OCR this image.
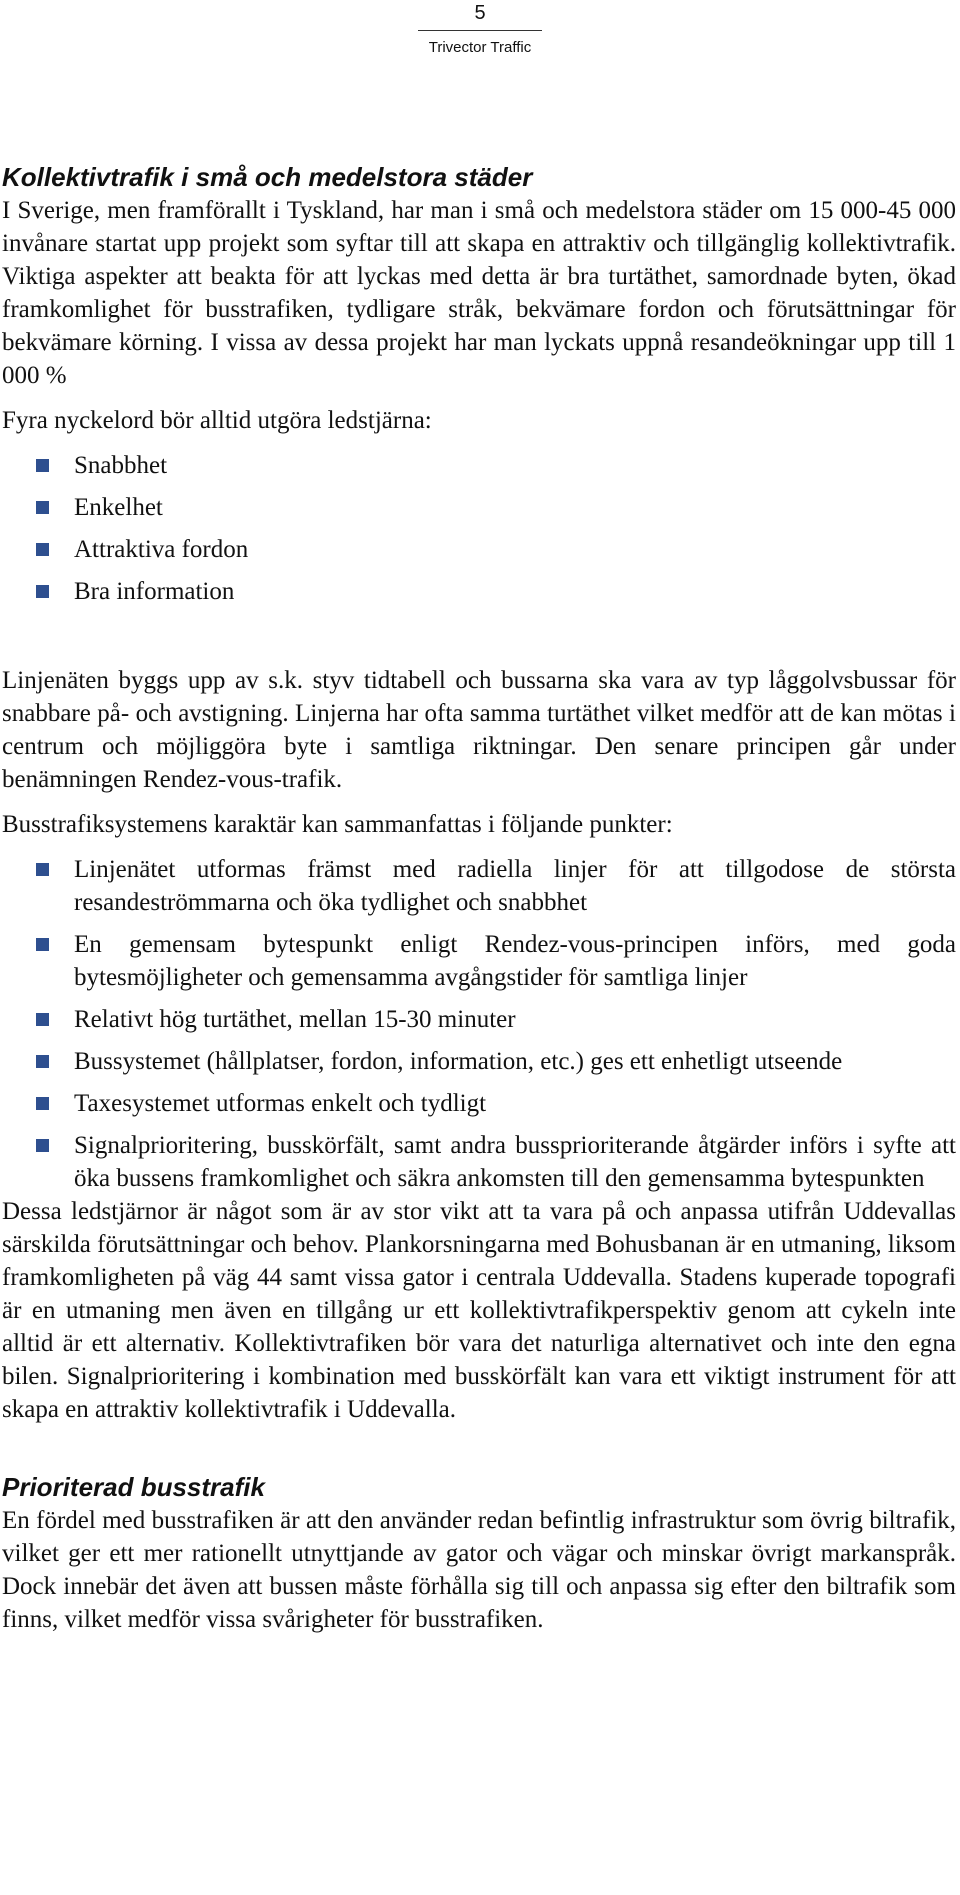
5
Trivector Traffic
Kollektivtrafik i små och medelstora städer

I Sverige, men framförallt i Tyskland, har man i små och medelstora städer om 15 000-45 000 invånare startat upp projekt som syftar till att skapa en attraktiv och tillgänglig kollektivtrafik. Viktiga aspekter att beakta för att lyckas med detta är bra turtäthet, samordnade byten, ökad framkomlighet för busstrafiken, tydligare stråk, bekvämare fordon och förutsättningar för bekvämare körning. I vissa av dessa projekt har man lyckats uppnå resandeökningar upp till 1 000 %

Fyra nyckelord bör alltid utgöra ledstjärna:

Snabbhet
Enkelhet
Attraktiva fordon
Bra information

Linjenäten byggs upp av s.k. styv tidtabell och bussarna ska vara av typ låggolvsbussar för snabbare på- och avstigning. Linjerna har ofta samma turtäthet vilket medför att de kan mötas i centrum och möjliggöra byte i samtliga riktningar. Den senare principen går under benämningen Rendez-vous-trafik.

Busstrafiksystemens karaktär kan sammanfattas i följande punkter:

Linjenätet utformas främst med radiella linjer för att tillgodose de största resandeströmmarna och öka tydlighet och snabbhet
En gemensam bytespunkt enligt Rendez-vous-principen införs, med goda bytesmöjligheter och gemensamma avgångstider för samtliga linjer
Relativt hög turtäthet, mellan 15-30 minuter
Bussystemet (hållplatser, fordon, information, etc.) ges ett enhetligt utseende
Taxesystemet utformas enkelt och tydligt
Signalprioritering, busskörfält, samt andra bussprioriterande åtgärder införs i syfte att öka bussens framkomlighet och säkra ankomsten till den gemensamma bytespunkten

Dessa ledstjärnor är något som är av stor vikt att ta vara på och anpassa utifrån Uddevallas särskilda förutsättningar och behov. Plankorsningarna med Bohusbanan är en utmaning, liksom framkomligheten på väg 44 samt vissa gator i centrala Uddevalla. Stadens kuperade topografi är en utmaning men även en tillgång ur ett kollektivtrafikperspektiv genom att cykeln inte alltid är ett alternativ. Kollektivtrafiken bör vara det naturliga alternativet och inte den egna bilen. Signalprioritering i kombination med busskörfält kan vara ett viktigt instrument för att skapa en attraktiv kollektivtrafik i Uddevalla.

Prioriterad busstrafik

En fördel med busstrafiken är att den använder redan befintlig infrastruktur som övrig biltrafik, vilket ger ett mer rationellt utnyttjande av gator och vägar och minskar övrigt markanspråk. Dock innebär det även att bussen måste förhålla sig till och anpassa sig efter den biltrafik som finns, vilket medför vissa svårigheter för busstrafiken.
